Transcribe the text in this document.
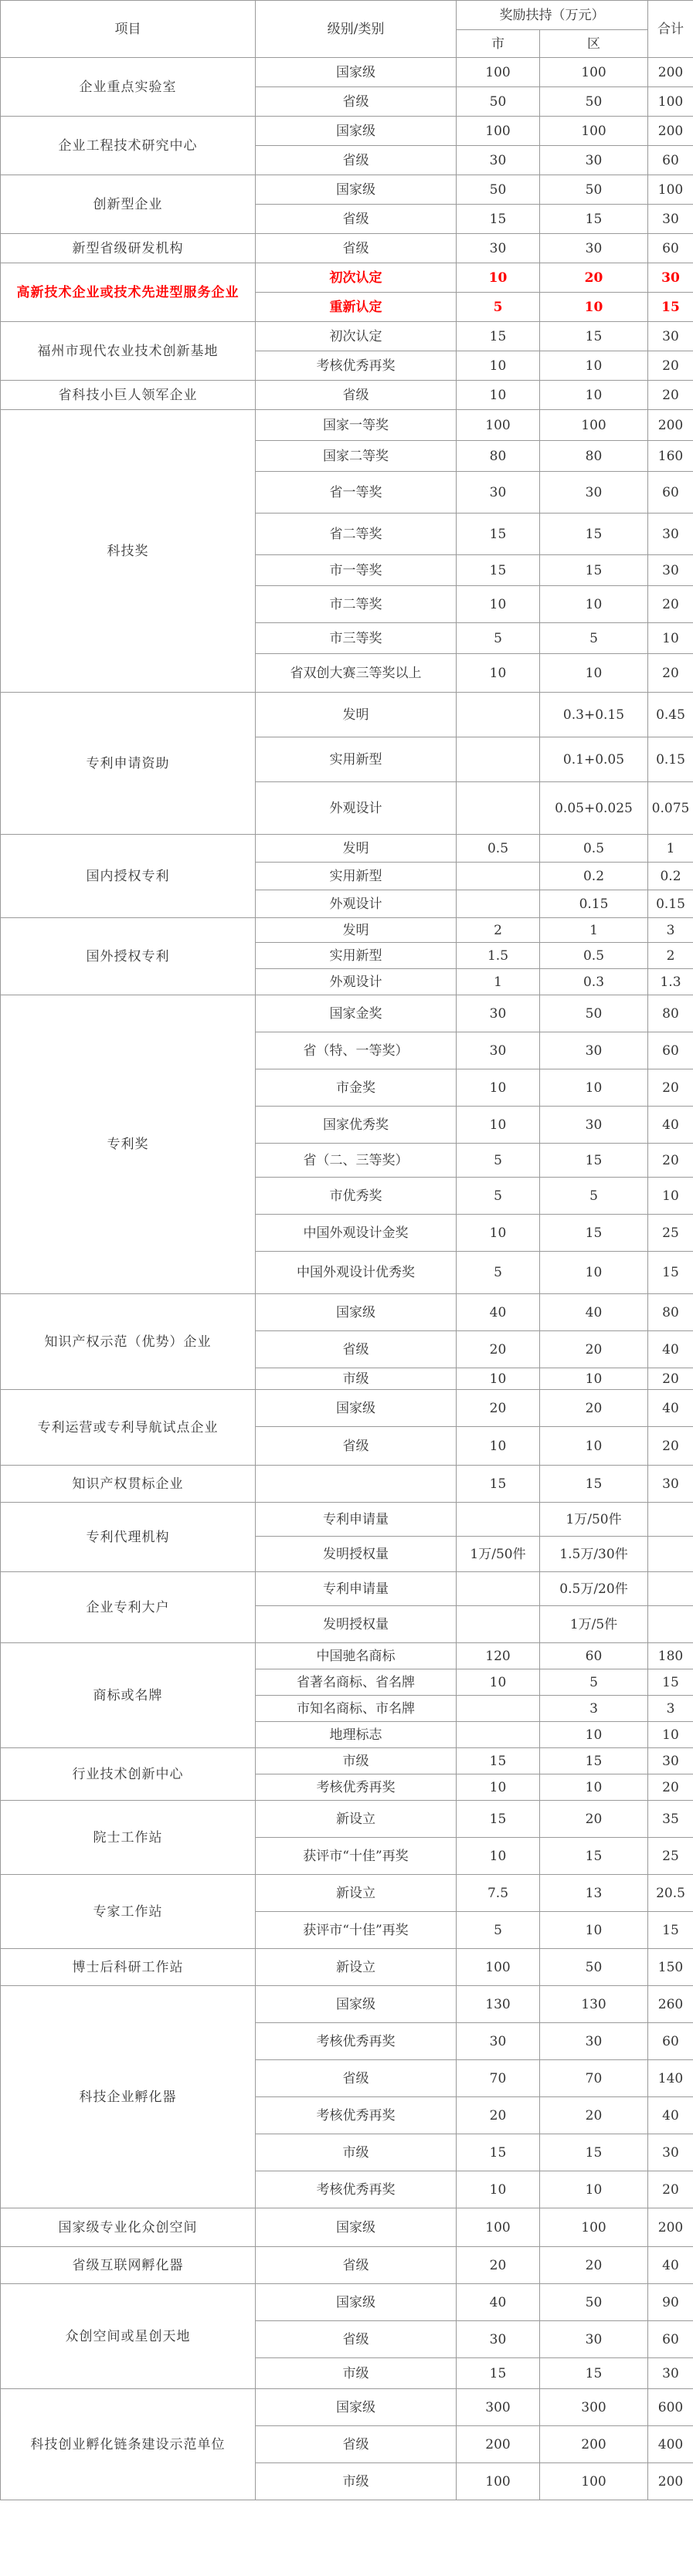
项目	级别/类别	奖励扶持（万元）		合计
		市	区	
企业重点实验室	国家级	100	100	200
	省级	50	50	100
企业工程技术研究中心	国家级	100	100	200
	省级	30	30	60
创新型企业	国家级	50	50	100
	省级	15	15	30
新型省级研发机构	省级	30	30	60
高新技术企业或技术先进型服务企业	初次认定	10	20	30
	重新认定	5	10	15
福州市现代农业技术创新基地	初次认定	15	15	30
	考核优秀再奖	10	10	20
省科技小巨人领军企业	省级	10	10	20
科技奖	国家一等奖	100	100	200
	国家二等奖	80	80	160
	省一等奖	30	30	60
	省二等奖	15	15	30
	市一等奖	15	15	30
	市二等奖	10	10	20
	市三等奖	5	5	10
	省双创大赛三等奖以上	10	10	20
专利申请资助	发明		0.3+0.15	0.45
	实用新型		0.1+0.05	0.15
	外观设计		0.05+0.025	0.075
国内授权专利	发明	0.5	0.5	1
	实用新型		0.2	0.2
	外观设计		0.15	0.15
国外授权专利	发明	2	1	3
	实用新型	1.5	0.5	2
	外观设计	1	0.3	1.3
专利奖	国家金奖	30	50	80
	省（特、一等奖）	30	30	60
	市金奖	10	10	20
	国家优秀奖	10	30	40
	省（二、三等奖）	5	15	20
	市优秀奖	5	5	10
	中国外观设计金奖	10	15	25
	中国外观设计优秀奖	5	10	15
知识产权示范（优势）企业	国家级	40	40	80
	省级	20	20	40
	市级	10	10	20
专利运营或专利导航试点企业	国家级	20	20	40
	省级	10	10	20
知识产权贯标企业		15	15	30
专利代理机构	专利申请量		1万/50件	
	发明授权量	1万/50件	1.5万/30件	
企业专利大户	专利申请量		0.5万/20件	
	发明授权量		1万/5件	
商标或名牌	中国驰名商标	120	60	180
	省著名商标、省名牌	10	5	15
	市知名商标、市名牌		3	3
	地理标志		10	10
行业技术创新中心	市级	15	15	30
	考核优秀再奖	10	10	20
院士工作站	新设立	15	20	35
	获评市“十佳”再奖	10	15	25
专家工作站	新设立	7.5	13	20.5
	获评市“十佳”再奖	5	10	15
博士后科研工作站	新设立	100	50	150
科技企业孵化器	国家级	130	130	260
	考核优秀再奖	30	30	60
	省级	70	70	140
	考核优秀再奖	20	20	40
	市级	15	15	30
	考核优秀再奖	10	10	20
国家级专业化众创空间	国家级	100	100	200
省级互联网孵化器	省级	20	20	40
众创空间或星创天地	国家级	40	50	90
	省级	30	30	60
	市级	15	15	30
科技创业孵化链条建设示范单位	国家级	300	300	600
	省级	200	200	400
	市级	100	100	200
